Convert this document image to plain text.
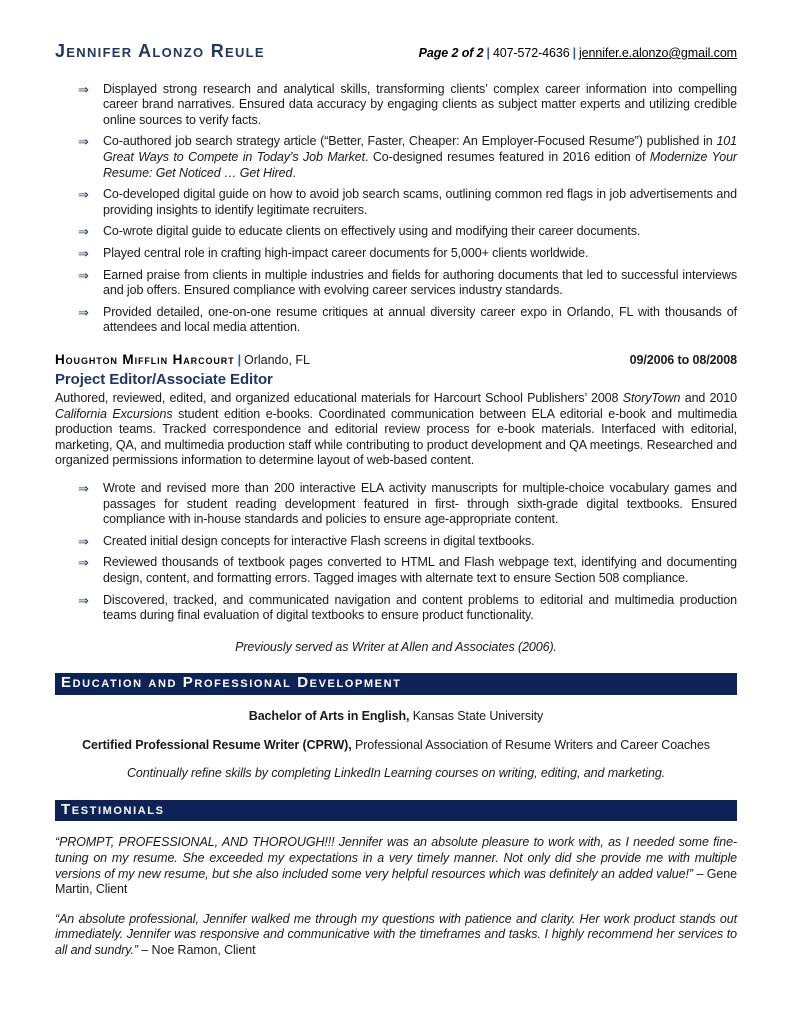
Jennifer Alonzo Reule	Page 2 of 2 | 407-572-4636 | jennifer.e.alonzo@gmail.com
⇒	Displayed strong research and analytical skills, transforming clients’ complex career information into compelling career brand narratives. Ensured data accuracy by engaging clients as subject matter experts and utilizing credible online sources to verify facts.
⇒	Co-authored job search strategy article (“Better, Faster, Cheaper: An Employer-Focused Resume”) published in 101 Great Ways to Compete in Today’s Job Market. Co-designed resumes featured in 2016 edition of Modernize Your Resume: Get Noticed … Get Hired.
⇒	Co-developed digital guide on how to avoid job search scams, outlining common red flags in job advertisements and providing insights to identify legitimate recruiters.
⇒	Co-wrote digital guide to educate clients on effectively using and modifying their career documents.
⇒	Played central role in crafting high-impact career documents for 5,000+ clients worldwide.
⇒	Earned praise from clients in multiple industries and fields for authoring documents that led to successful interviews and job offers. Ensured compliance with evolving career services industry standards.
⇒	Provided detailed, one-on-one resume critiques at annual diversity career expo in Orlando, FL with thousands of attendees and local media attention.
Houghton Mifflin Harcourt | Orlando, FL	09/2006 to 08/2008
Project Editor/Associate Editor

Authored, reviewed, edited, and organized educational materials for Harcourt School Publishers’ 2008 StoryTown and 2010 California Excursions student edition e-books. Coordinated communication between ELA editorial e-book and multimedia production teams. Tracked correspondence and editorial review process for e-book materials. Interfaced with editorial, marketing, QA, and multimedia production staff while contributing to product development and QA meetings. Researched and organized permissions information to determine layout of web-based content.

⇒	Wrote and revised more than 200 interactive ELA activity manuscripts for multiple-choice vocabulary games and passages for student reading development featured in first- through sixth-grade digital textbooks. Ensured compliance with in-house standards and policies to ensure age-appropriate content.
⇒	Created initial design concepts for interactive Flash screens in digital textbooks.
⇒	Reviewed thousands of textbook pages converted to HTML and Flash webpage text, identifying and documenting design, content, and formatting errors. Tagged images with alternate text to ensure Section 508 compliance.
⇒	Discovered, tracked, and communicated navigation and content problems to editorial and multimedia production teams during final evaluation of digital textbooks to ensure product functionality.
Previously served as Writer at Allen and Associates (2006).
Education and Professional Development
Bachelor of Arts in English, Kansas State University
Certified Professional Resume Writer (CPRW), Professional Association of Resume Writers and Career Coaches
Continually refine skills by completing LinkedIn Learning courses on writing, editing, and marketing.
Testimonials

“PROMPT, PROFESSIONAL, AND THOROUGH!!! Jennifer was an absolute pleasure to work with, as I needed some fine-tuning on my resume. She exceeded my expectations in a very timely manner. Not only did she provide me with multiple versions of my new resume, but she also included some very helpful resources which was definitely an added value!” – Gene Martin, Client

“An absolute professional, Jennifer walked me through my questions with patience and clarity. Her work product stands out immediately. Jennifer was responsive and communicative with the timeframes and tasks. I highly recommend her services to all and sundry.” – Noe Ramon, Client
